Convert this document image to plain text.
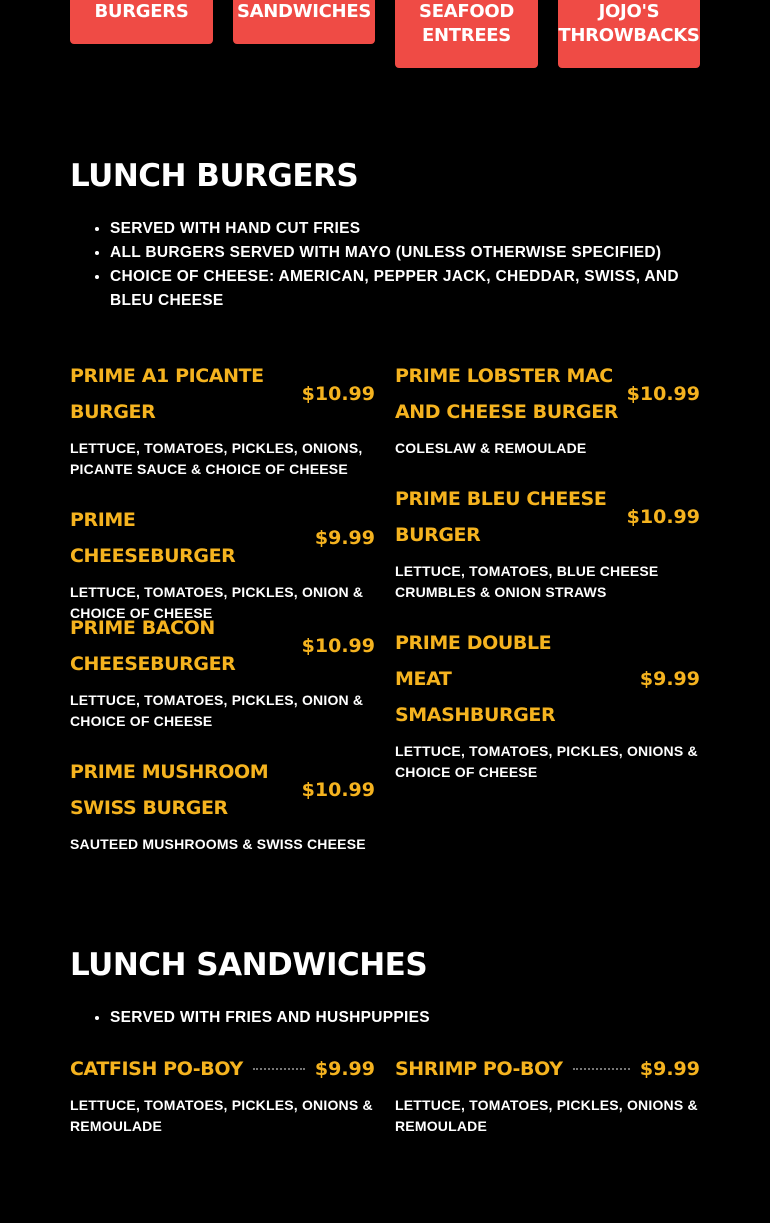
BURGERS	SANDWICHES	SEAFOOD
ENTREES
JOJO'S
THROWBACKS
LUNCH BURGERS
• SERVED WITH HAND CUT FRIES
• ALL BURGERS SERVED WITH MAYO (UNLESS OTHERWISE SPECIFIED)
• CHOICE OF CHEESE: AMERICAN, PEPPER JACK, CHEDDAR, SWISS, AND BLEU CHEESE
PRIME A1 PICANTE BURGER
$10.99
LETTUCE, TOMATOES, PICKLES, ONIONS, PICANTE SAUCE & CHOICE OF CHEESE
PRIME LOBSTER MAC AND CHEESE BURGER
$10.99
COLESLAW & REMOULADE
PRIME CHEESEBURGER
$9.99
LETTUCE, TOMATOES, PICKLES, ONION & CHOICE OF CHEESE
PRIME BLEU CHEESE BURGER
$10.99
LETTUCE, TOMATOES, BLUE CHEESE CRUMBLES & ONION STRAWS
PRIME BACON CHEESEBURGER
$10.99
LETTUCE, TOMATOES, PICKLES, ONION & CHOICE OF CHEESE
PRIME DOUBLE MEAT SMASHBURGER
$9.99
LETTUCE, TOMATOES, PICKLES, ONIONS & CHOICE OF CHEESE
PRIME MUSHROOM SWISS BURGER
$10.99
SAUTEED MUSHROOMS & SWISS CHEESE
LUNCH SANDWICHES
• SERVED WITH FRIES AND HUSHPUPPIES
CATFISH PO-BOY	$9.99
LETTUCE, TOMATOES, PICKLES, ONIONS & REMOULADE
SHRIMP PO-BOY	$9.99
LETTUCE, TOMATOES, PICKLES, ONIONS & REMOULADE
